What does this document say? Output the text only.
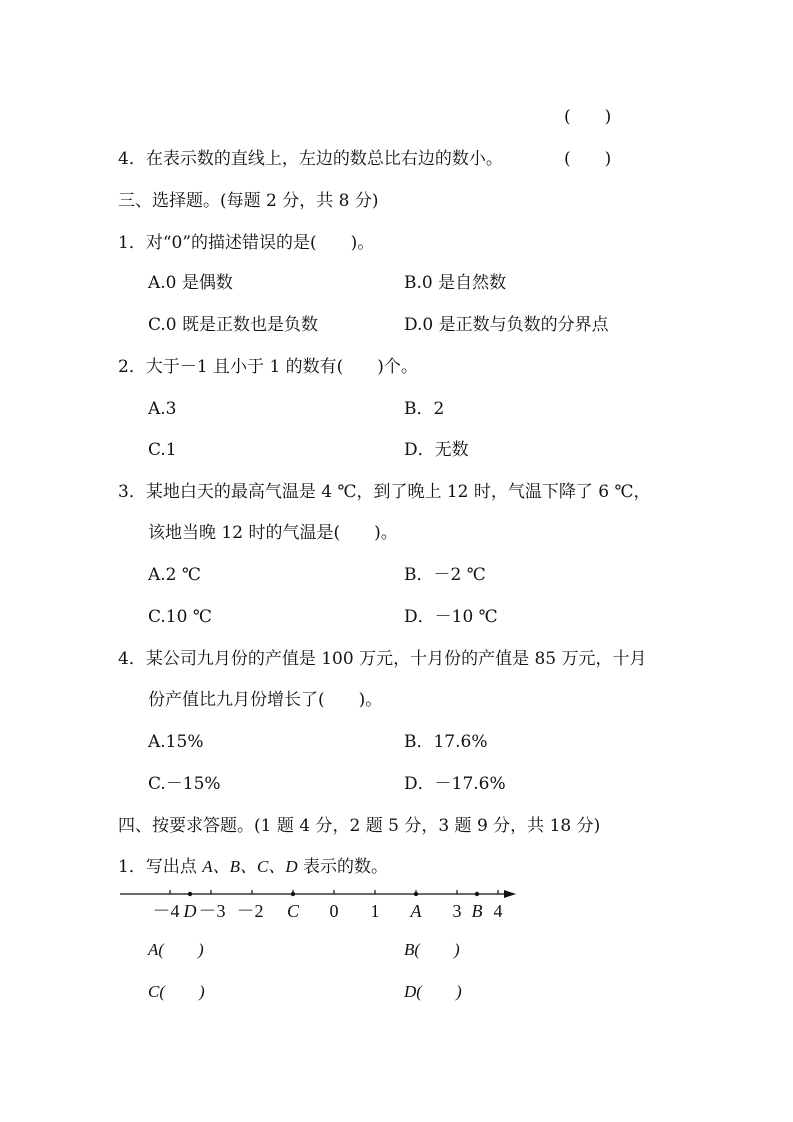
(　　)
4．在表示数的直线上，左边的数总比右边的数小。	(　　)
三、选择题。(每题 2 分，共 8 分)
1．对“0”的描述错误的是(　　)。
A.0 是偶数	B.0 是自然数
C.0 既是正数也是负数	D.0 是正数与负数的分界点
2．大于－1 且小于 1 的数有(　　)个。
A.3	B．2
C.1	D．无数
3．某地白天的最高气温是 4 ℃，到了晚上 12 时，气温下降了 6 ℃，
该地当晚 12 时的气温是(　　)。
A.2 ℃	B．－2 ℃
C.10 ℃	D．－10 ℃
4．某公司九月份的产值是 100 万元，十月份的产值是 85 万元，十月
份产值比九月份增长了(　　)。
A.15%	B．17.6%
C.－15%	D．－17.6%
四、按要求答题。(1 题 4 分，2 题 5 分，3 题 9 分，共 18 分)
1．写出点 A、B、C、D 表示的数。
－4 D －3 －2 C 0 1 A 3 B 4
A(　　)	B(　　)
C(　　)	D(　　)
